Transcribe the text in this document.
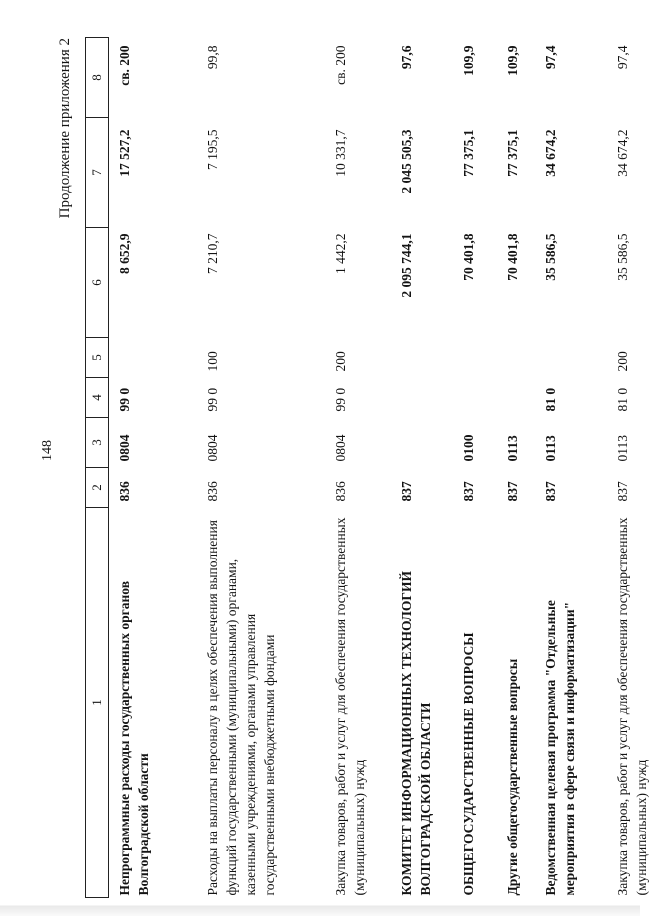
148
Продолжение приложения 2
1	2	3	4	5	6	7	8
Непрограммные расходы государственных органов Волгоградской области	836	0804	99 0		8 652,9	17 527,2	св. 200
Расходы на выплаты персоналу в целях обеспечения выполнения функций государственными (муниципальными) органами, казенными учреждениями, органами управления государственными внебюджетными фондами	836	0804	99 0	100	7 210,7	7 195,5	99,8
Закупка товаров, работ и услуг для обеспечения государственных (муниципальных) нужд	836	0804	99 0	200	1 442,2	10 331,7	св. 200
КОМИТЕТ ИНФОРМАЦИОННЫХ ТЕХНОЛОГИЙ ВОЛГОГРАДСКОЙ ОБЛАСТИ	837				2 095 744,1	2 045 505,3	97,6
ОБЩЕГОСУДАРСТВЕННЫЕ ВОПРОСЫ	837	0100			70 401,8	77 375,1	109,9
Другие общегосударственные вопросы	837	0113			70 401,8	77 375,1	109,9
Ведомственная целевая программа "Отдельные мероприятия в сфере связи и информатизации"	837	0113	81 0		35 586,5	34 674,2	97,4
Закупка товаров, работ и услуг для обеспечения государственных (муниципальных) нужд	837	0113	81 0	200	35 586,5	34 674,2	97,4
